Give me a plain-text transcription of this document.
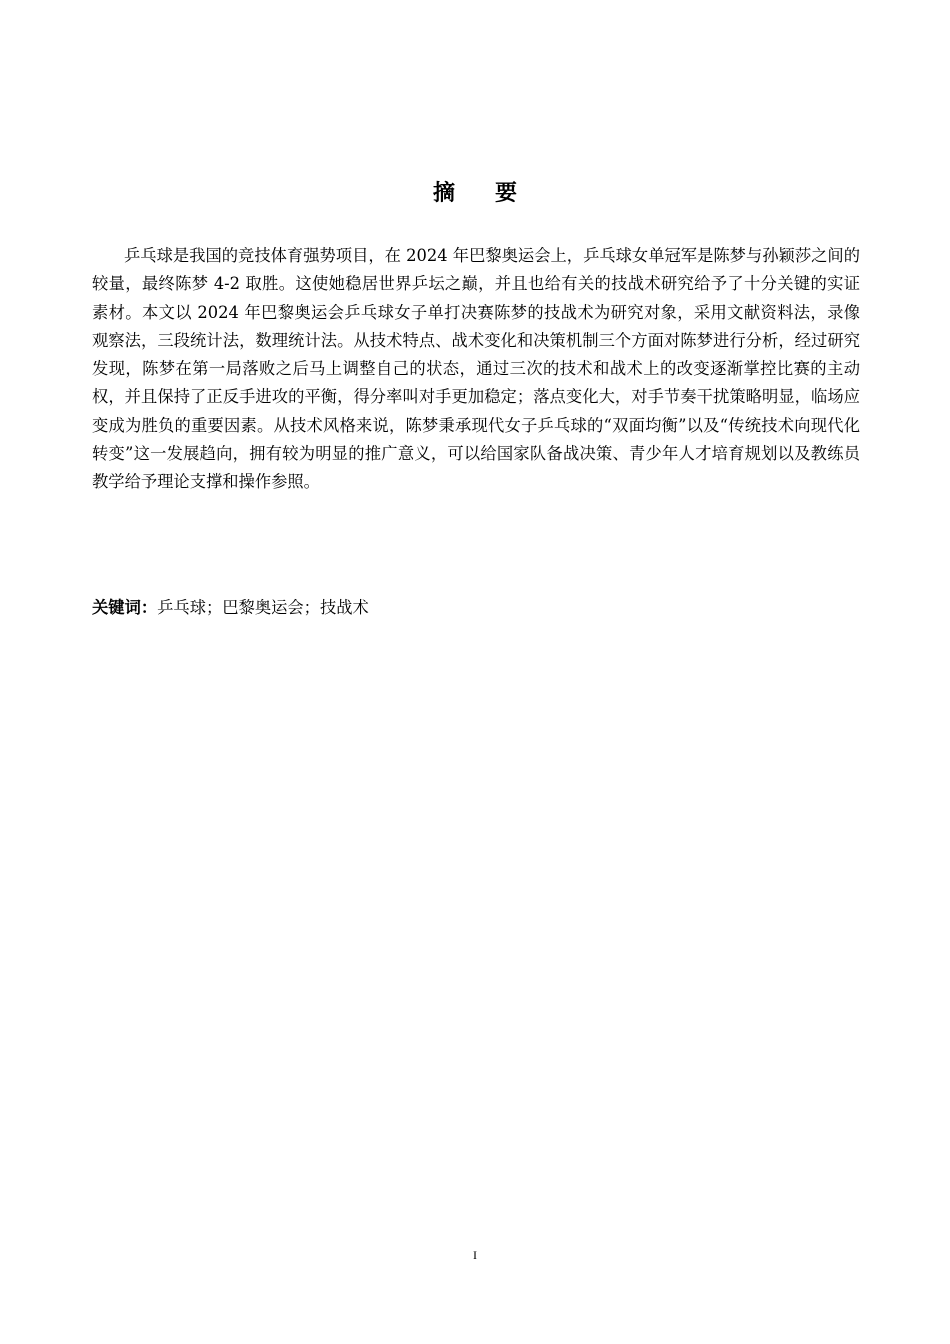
摘 要

乒乓球是我国的竞技体育强势项目，在 2024 年巴黎奥运会上，乒乓球女单冠军是陈梦与孙颖莎之间的较量，最终陈梦 4-2 取胜。这使她稳居世界乒坛之巅，并且也给有关的技战术研究给予了十分关键的实证素材。本文以 2024 年巴黎奥运会乒乓球女子单打决赛陈梦的技战术为研究对象，采用文献资料法，录像观察法，三段统计法，数理统计法。从技术特点、战术变化和决策机制三个方面对陈梦进行分析，经过研究发现，陈梦在第一局落败之后马上调整自己的状态，通过三次的技术和战术上的改变逐渐掌控比赛的主动权，并且保持了正反手进攻的平衡，得分率叫对手更加稳定；落点变化大，对手节奏干扰策略明显，临场应变成为胜负的重要因素。从技术风格来说，陈梦秉承现代女子乒乓球的“双面均衡”以及“传统技术向现代化转变”这一发展趋向，拥有较为明显的推广意义，可以给国家队备战决策、青少年人才培育规划以及教练员教学给予理论支撑和操作参照。

关键词：乒乓球；巴黎奥运会；技战术
I
